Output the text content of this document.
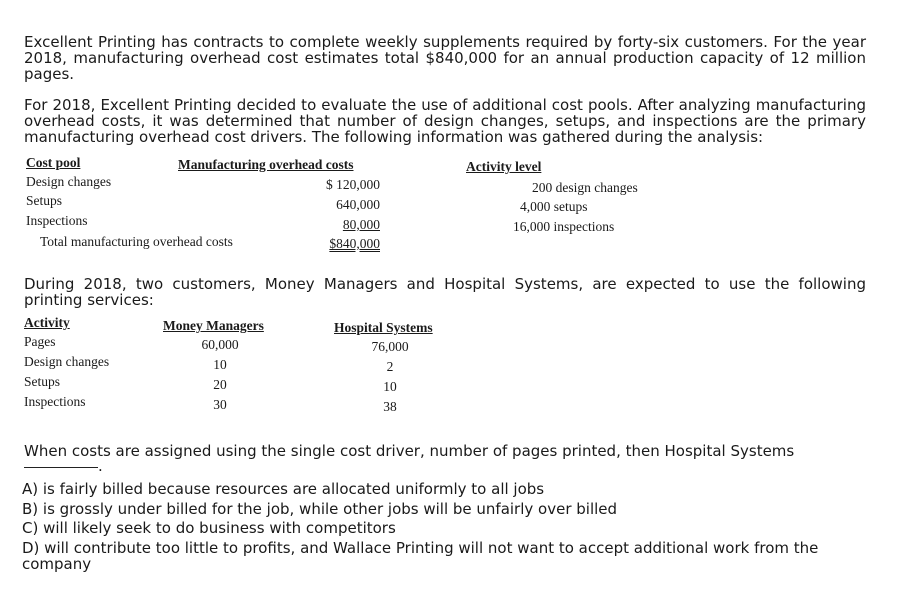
Excellent Printing has contracts to complete weekly supplements required by forty-six customers. For the year 2018, manufacturing overhead cost estimates total $840,000 for an annual production capacity of 12 million pages.

For 2018, Excellent Printing decided to evaluate the use of additional cost pools. After analyzing manufacturing overhead costs, it was determined that number of design changes, setups, and inspections are the primary manufacturing overhead cost drivers. The following information was gathered during the analysis:

Cost pool	Manufacturing overhead costs	Activity level
Design changes	$ 120,000	200 design changes
Setups	640,000	4,000 setups
Inspections	80,000	16,000 inspections
Total manufacturing overhead costs	$840,000

During 2018, two customers, Money Managers and Hospital Systems, are expected to use the following printing services:

Activity	Money Managers	Hospital Systems
Pages	60,000	76,000
Design changes	10	2
Setups	20	10
Inspections	30	38

When costs are assigned using the single cost driver, number of pages printed, then Hospital Systems

.

A) is fairly billed because resources are allocated uniformly to all jobs

B) is grossly under billed for the job, while other jobs will be unfairly over billed

C) will likely seek to do business with competitors

D) will contribute too little to profits, and Wallace Printing will not want to accept additional work from the company
